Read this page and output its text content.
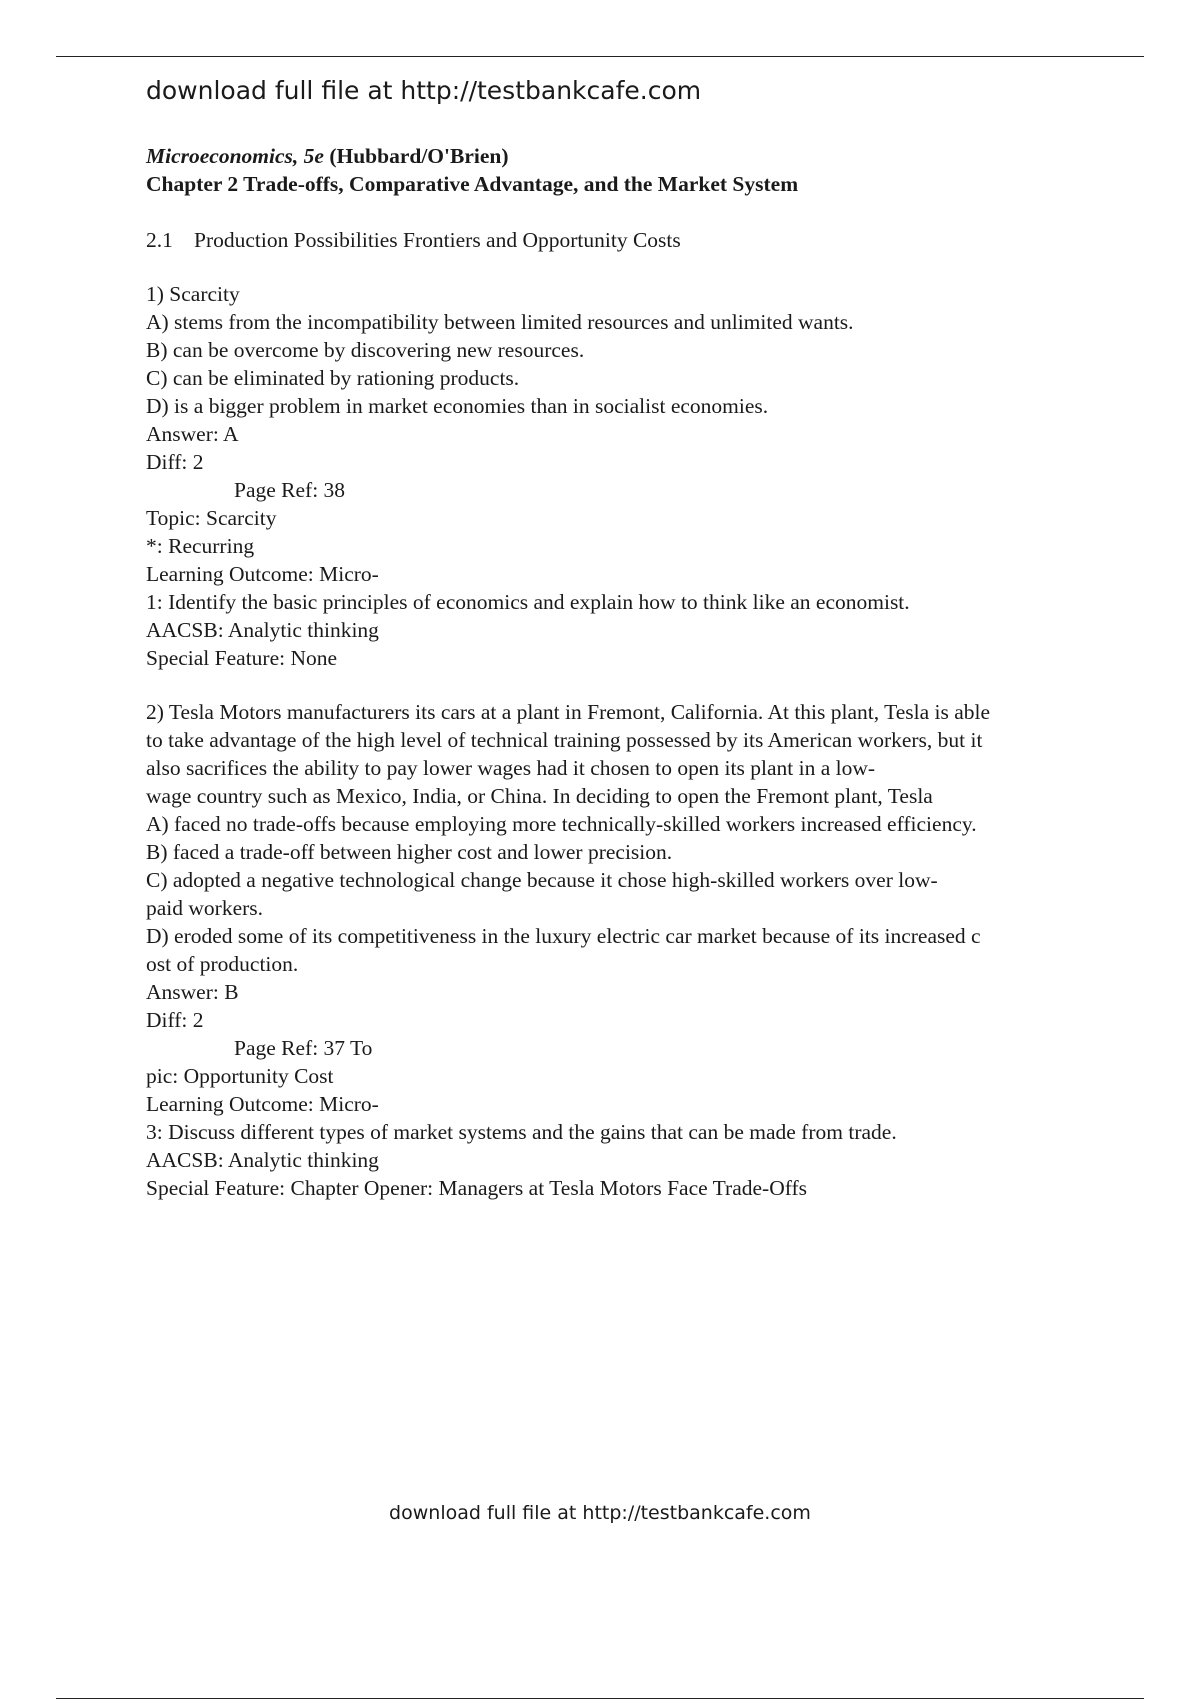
download full file at http://testbankcafe.com
Microeconomics, 5e (Hubbard/O'Brien)
Chapter 2 Trade-offs, Comparative Advantage, and the Market System
2.1 Production Possibilities Frontiers and Opportunity Costs
1) Scarcity
A) stems from the incompatibility between limited resources and unlimited wants.
B) can be overcome by discovering new resources.
C) can be eliminated by rationing products.
D) is a bigger problem in market economies than in socialist economies.
Answer: A
Diff: 2
Page Ref: 38
Topic: Scarcity
*: Recurring
Learning Outcome: Micro-
1: Identify the basic principles of economics and explain how to think like an economist.
AACSB: Analytic thinking
Special Feature: None
2) Tesla Motors manufacturers its cars at a plant in Fremont, California. At this plant, Tesla is able
to take advantage of the high level of technical training possessed by its American workers, but it
also sacrifices the ability to pay lower wages had it chosen to open its plant in a low-
wage country such as Mexico, India, or China. In deciding to open the Fremont plant, Tesla
A) faced no trade-offs because employing more technically-skilled workers increased efficiency.
B) faced a trade-off between higher cost and lower precision.
C) adopted a negative technological change because it chose high-skilled workers over low-
paid workers.
D) eroded some of its competitiveness in the luxury electric car market because of its increased c
ost of production.
Answer: B
Diff: 2
Page Ref: 37 To
pic: Opportunity Cost
Learning Outcome: Micro-
3: Discuss different types of market systems and the gains that can be made from trade.
AACSB: Analytic thinking
Special Feature: Chapter Opener: Managers at Tesla Motors Face Trade-Offs
download full file at http://testbankcafe.com
